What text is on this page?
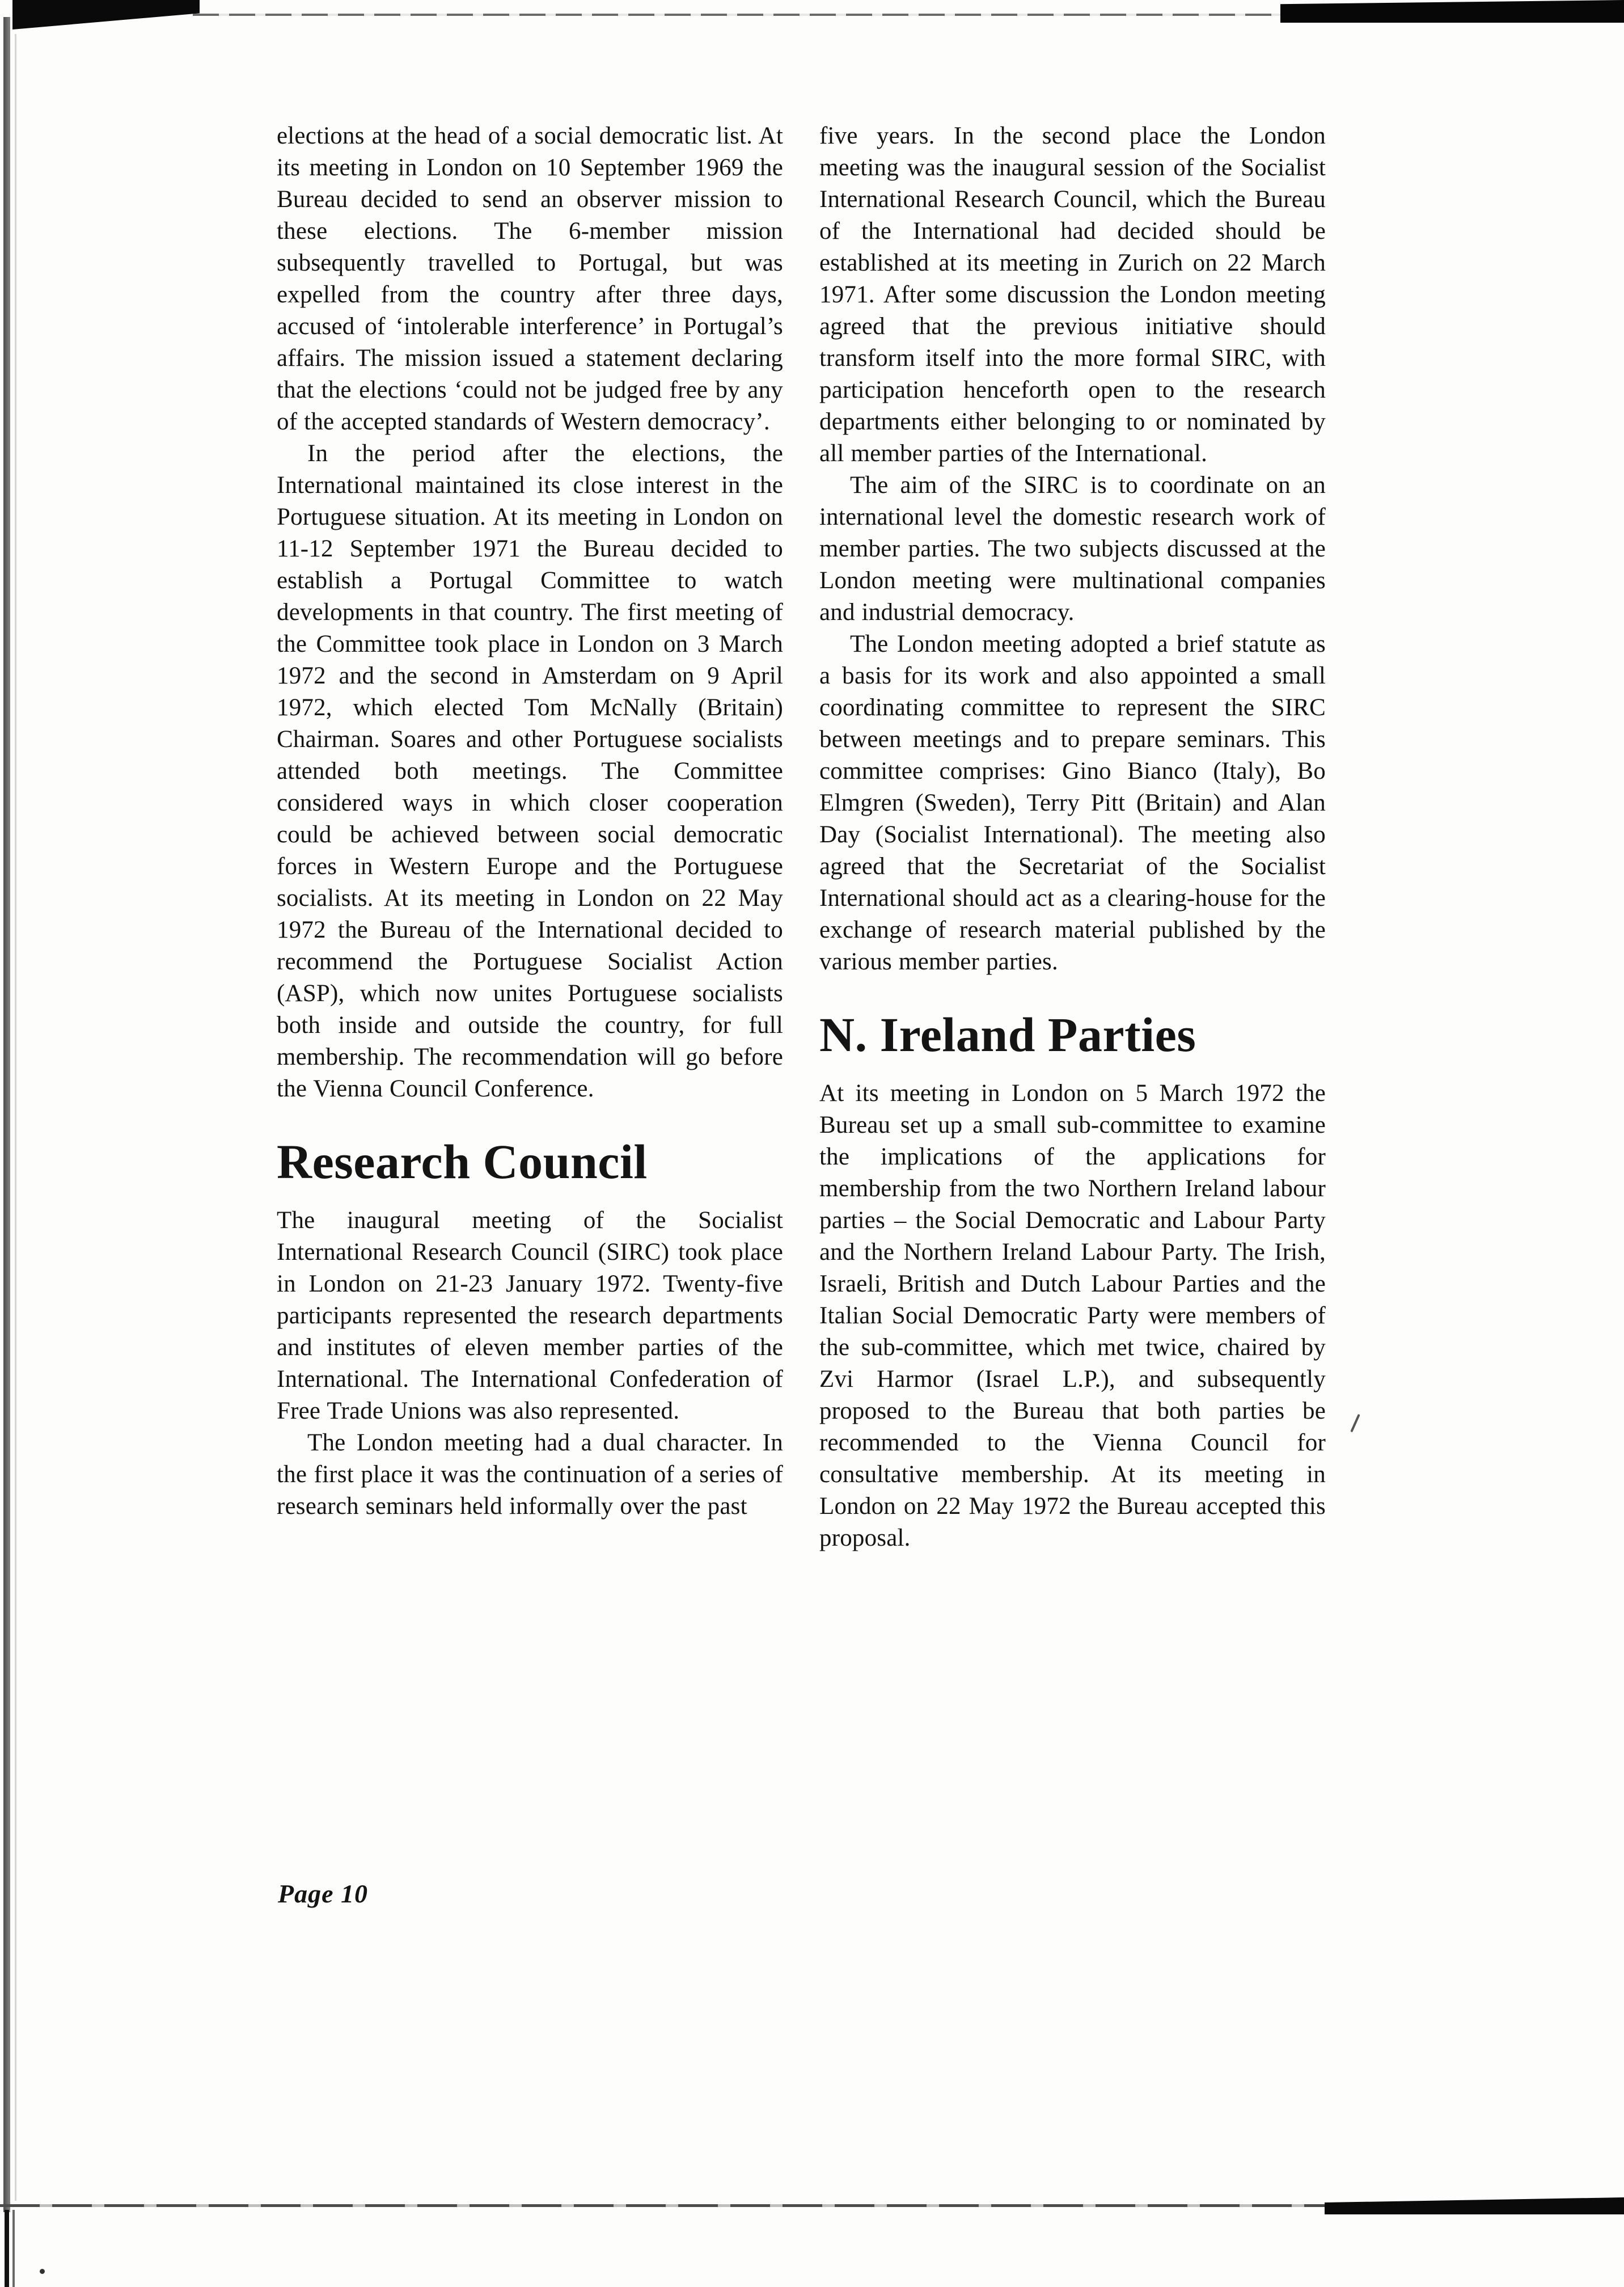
elections at the head of a social democratic list. At its meeting in London on 10 September 1969 the Bureau decided to send an observer mission to these elections. The 6-member mission subsequently travelled to Portugal, but was expelled from the country after three days, accused of ‘intolerable interference’ in Portugal’s affairs. The mission issued a statement declaring that the elections ‘could not be judged free by any of the accepted standards of Western democracy’.

In the period after the elections, the International maintained its close interest in the Portuguese situation. At its meeting in London on 11-12 September 1971 the Bureau decided to establish a Portugal Committee to watch developments in that country. The first meeting of the Committee took place in London on 3 March 1972 and the second in Amsterdam on 9 April 1972, which elected Tom McNally (Britain) Chairman. Soares and other Portuguese socialists attended both meetings. The Committee considered ways in which closer cooperation could be achieved between social democratic forces in Western Europe and the Portuguese socialists. At its meeting in London on 22 May 1972 the Bureau of the International decided to recommend the Portuguese Socialist Action (ASP), which now unites Portuguese socialists both inside and outside the country, for full membership. The recommendation will go before the Vienna Council Conference.

Research Council

The inaugural meeting of the Socialist International Research Council (SIRC) took place in London on 21-23 January 1972. Twenty-five participants represented the research departments and institutes of eleven member parties of the International. The International Confederation of Free Trade Unions was also represented.

The London meeting had a dual character. In the first place it was the continuation of a series of research seminars held informally over the past

five years. In the second place the London meeting was the inaugural session of the Socialist International Research Council, which the Bureau of the International had decided should be established at its meeting in Zurich on 22 March 1971. After some discussion the London meeting agreed that the previous initiative should transform itself into the more formal SIRC, with participation henceforth open to the research departments either belonging to or nominated by all member parties of the International.

The aim of the SIRC is to coordinate on an international level the domestic research work of member parties. The two subjects discussed at the London meeting were multinational companies and industrial democracy.

The London meeting adopted a brief statute as a basis for its work and also appointed a small coordinating committee to represent the SIRC between meetings and to prepare seminars. This committee comprises: Gino Bianco (Italy), Bo Elmgren (Sweden), Terry Pitt (Britain) and Alan Day (Socialist International). The meeting also agreed that the Secretariat of the Socialist International should act as a clearing-house for the exchange of research material published by the various member parties.

N. Ireland Parties

At its meeting in London on 5 March 1972 the Bureau set up a small sub-committee to examine the implications of the applications for membership from the two Northern Ireland labour parties – the Social Democratic and Labour Party and the Northern Ireland Labour Party. The Irish, Israeli, British and Dutch Labour Parties and the Italian Social Democratic Party were members of the sub-committee, which met twice, chaired by Zvi Harmor (Israel L.P.), and subsequently proposed to the Bureau that both parties be recommended to the Vienna Council for consultative membership. At its meeting in London on 22 May 1972 the Bureau accepted this proposal.

Page 10
